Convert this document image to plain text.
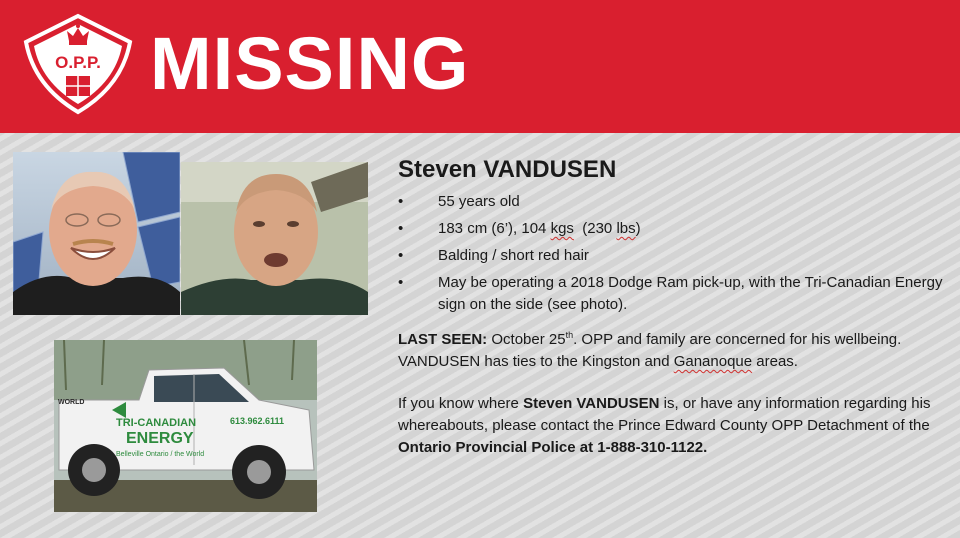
O.P.P. MISSING
TRI-CANADIAN
ENERGY
Belleville Ontario / the World
613.962.6111
WORLD
Steven VANDUSEN
• 55 years old
• 183 cm (6’), 104 kgs  (230 lbs)
• Balding / short red hair
• May be operating a 2018 Dodge Ram pick-up, with the Tri-Canadian Energy sign on the side (see photo).

LAST SEEN: October 25th. OPP and family are concerned for his wellbeing. VANDUSEN has ties to the Kingston and Gananoque areas.

If you know where Steven VANDUSEN is, or have any information regarding his whereabouts, please contact the Prince Edward County OPP Detachment of the Ontario Provincial Police at 1-888-310-1122.
